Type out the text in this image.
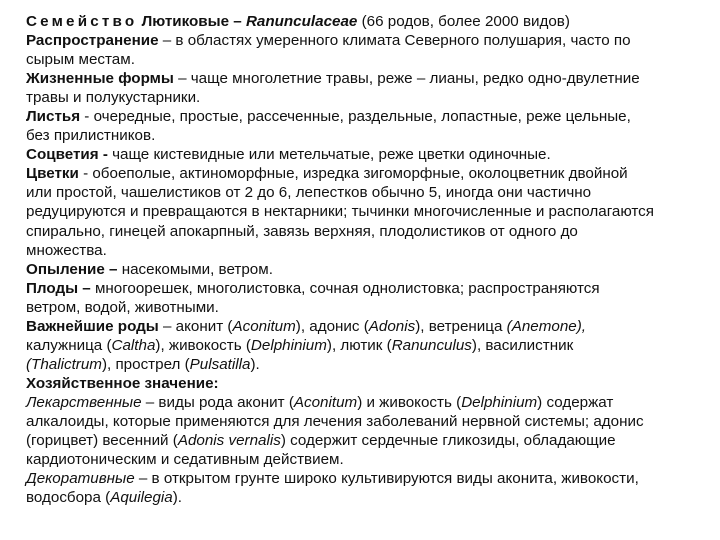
Семейство Лютиковые – Ranunculaceae (66 родов, более 2000 видов)
Распространение – в областях умеренного климата Северного полушария, часто по
сырым местам.
Жизненные формы – чаще многолетние травы, реже – лианы, редко одно-двулетние
травы и полукустарники.
Листья - очередные, простые, рассеченные, раздельные, лопастные, реже цельные,
без прилистников.
Соцветия - чаще кистевидные или метельчатые, реже цветки одиночные.
Цветки - обоеполые, актиноморфные, изредка зигоморфные, околоцветник двойной
или простой, чашелистиков от 2 до 6, лепестков обычно 5, иногда они частично
редуцируются и превращаются в нектарники; тычинки многочисленные и располагаются
спирально, гинецей апокарпный, завязь верхняя, плодолистиков от одного до
множества.
Опыление – насекомыми, ветром.
Плоды – многоорешек, многолистовка, сочная однолистовка; распространяются
ветром, водой, животными.
Важнейшие роды – аконит (Aconitum), адонис (Adonis), ветреница (Anemone),
калужница (Caltha), живокость (Delphinium), лютик (Ranunculus), василистник
(Thalictrum), прострел (Pulsatilla).
Хозяйственное значение:
Лекарственные – виды рода аконит (Aconitum) и живокость (Delphinium) содержат
алкалоиды, которые применяются для лечения заболеваний нервной системы; адонис
(горицвет) весенний (Adonis vernalis) содержит сердечные гликозиды, обладающие
кардиотоническим и седативным действием.
Декоративные – в открытом грунте широко культивируются виды аконита, живокости,
водосбора (Aquilegia).
